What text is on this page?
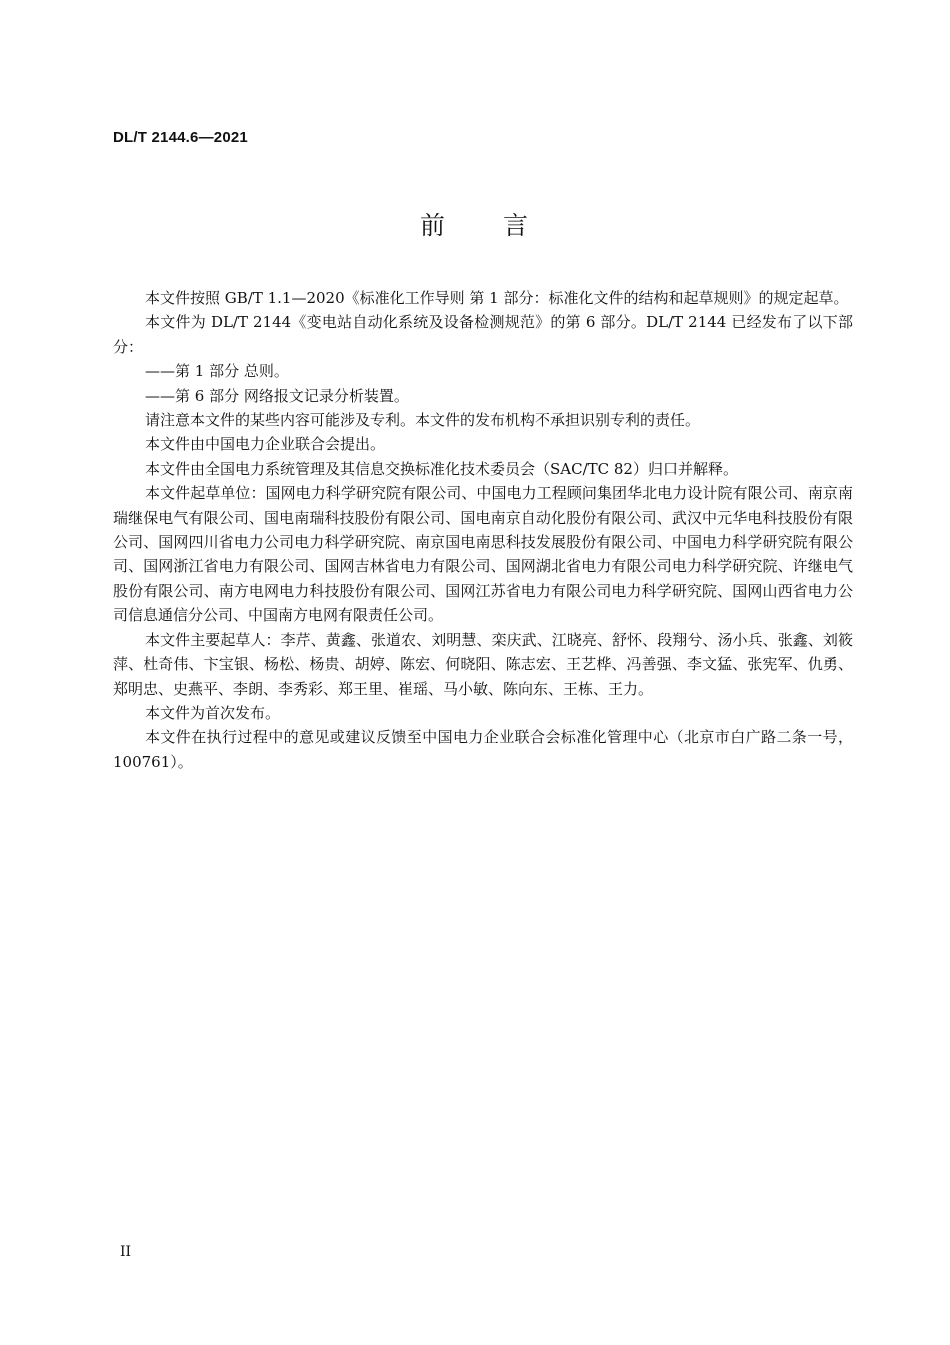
DL/T 2144.6—2021
前 言

本文件按照 GB/T 1.1—2020《标准化工作导则 第 1 部分：标准化文件的结构和起草规则》的规定起草。

本文件为 DL/T 2144《变电站自动化系统及设备检测规范》的第 6 部分。DL/T 2144 已经发布了以下部分：

——第 1 部分 总则。

——第 6 部分 网络报文记录分析装置。

请注意本文件的某些内容可能涉及专利。本文件的发布机构不承担识别专利的责任。

本文件由中国电力企业联合会提出。

本文件由全国电力系统管理及其信息交换标准化技术委员会（SAC/TC 82）归口并解释。

本文件起草单位：国网电力科学研究院有限公司、中国电力工程顾问集团华北电力设计院有限公司、南京南瑞继保电气有限公司、国电南瑞科技股份有限公司、国电南京自动化股份有限公司、武汉中元华电科技股份有限公司、国网四川省电力公司电力科学研究院、南京国电南思科技发展股份有限公司、中国电力科学研究院有限公司、国网浙江省电力有限公司、国网吉林省电力有限公司、国网湖北省电力有限公司电力科学研究院、许继电气股份有限公司、南方电网电力科技股份有限公司、国网江苏省电力有限公司电力科学研究院、国网山西省电力公司信息通信分公司、中国南方电网有限责任公司。

本文件主要起草人：李芹、黄鑫、张道农、刘明慧、栾庆武、江晓亮、舒怀、段翔兮、汤小兵、张鑫、刘筱萍、杜奇伟、卞宝银、杨松、杨贵、胡婷、陈宏、何晓阳、陈志宏、王艺桦、冯善强、李文猛、张宪军、仇勇、郑明忠、史燕平、李朗、李秀彩、郑王里、崔瑶、马小敏、陈向东、王栋、王力。

本文件为首次发布。

本文件在执行过程中的意见或建议反馈至中国电力企业联合会标准化管理中心（北京市白广路二条一号，100761）。

II
